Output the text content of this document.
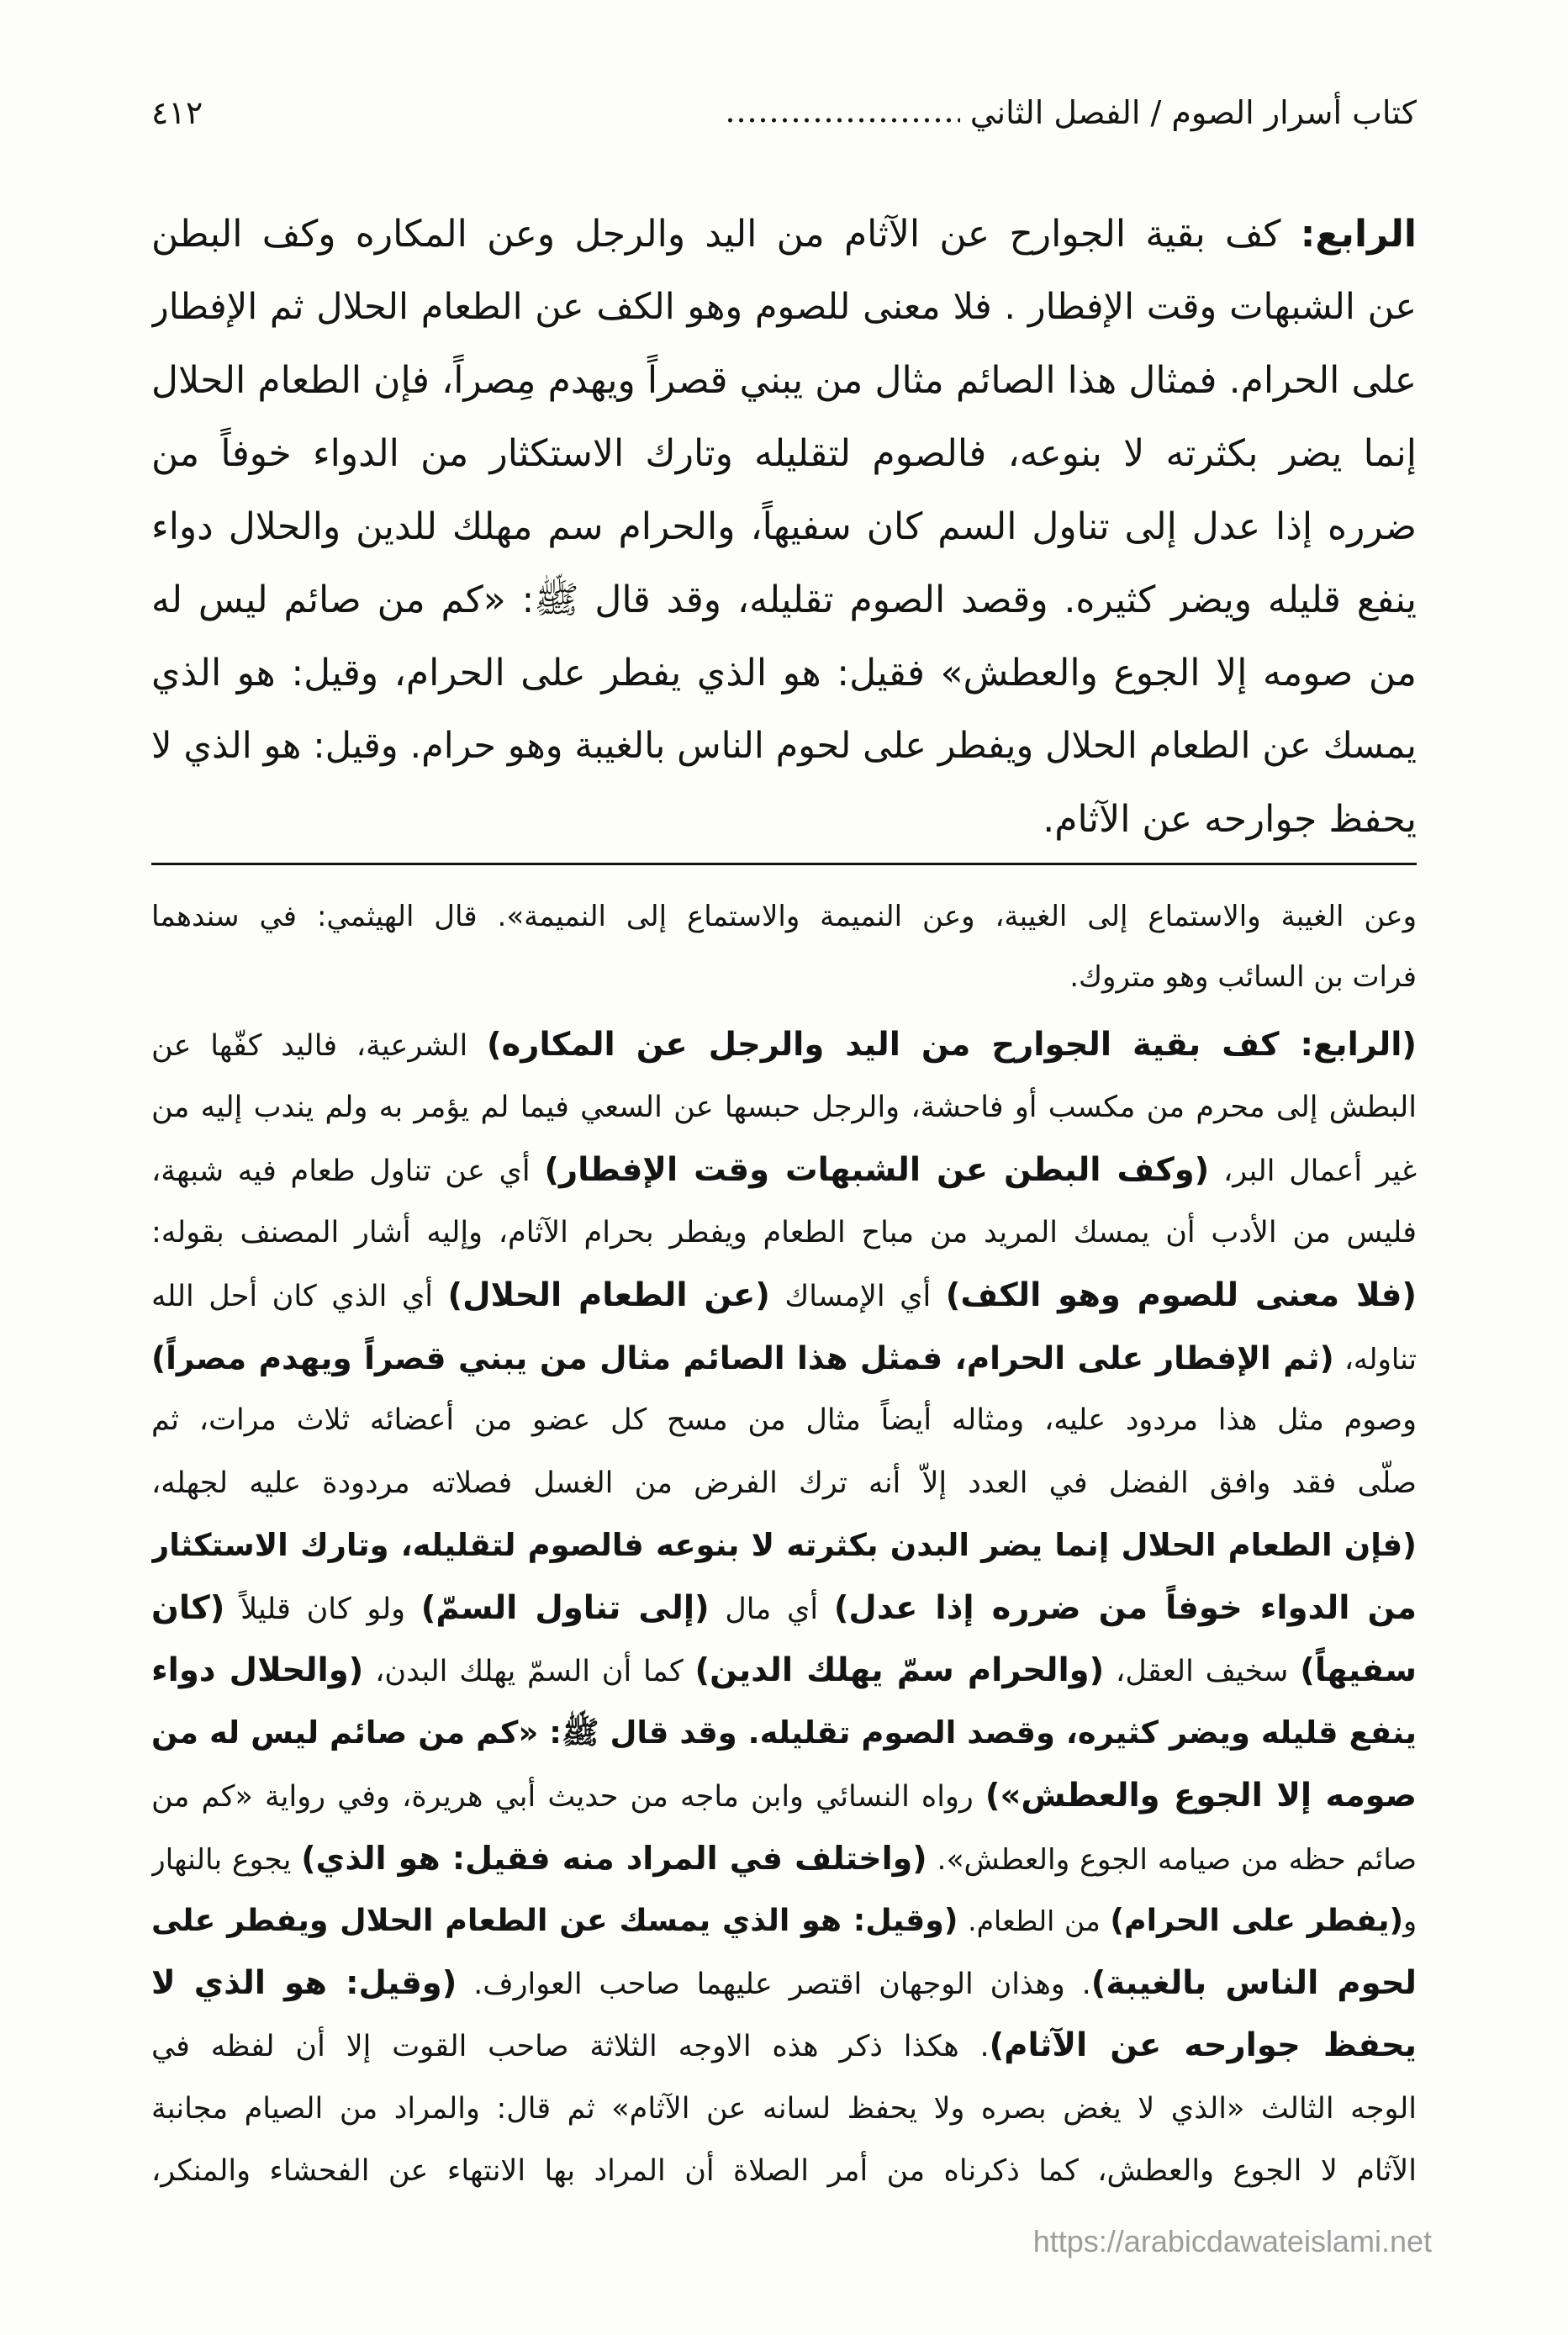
كتاب أسرار الصوم / الفصل الثاني
٤١٢
الرابع: كف بقية الجوارح عن الآثام من اليد والرجل وعن المكاره وكف البطن
عن الشبهات وقت الإفطار . فلا معنى للصوم وهو الكف عن الطعام الحلال ثم الإفطار
على الحرام. فمثال هذا الصائم مثال من يبني قصراً ويهدم مِصراً، فإن الطعام الحلال
إنما يضر بكثرته لا بنوعه، فالصوم لتقليله وتارك الاستكثار من الدواء خوفاً من
ضرره إذا عدل إلى تناول السم كان سفيهاً، والحرام سم مهلك للدين والحلال دواء
ينفع قليله ويضر كثيره. وقصد الصوم تقليله، وقد قال ﷺ: «كم من صائم ليس له
من صومه إلا الجوع والعطش» فقيل: هو الذي يفطر على الحرام، وقيل: هو الذي
يمسك عن الطعام الحلال ويفطر على لحوم الناس بالغيبة وهو حرام. وقيل: هو الذي لا
يحفظ جوارحه عن الآثام.
وعن الغيبة والاستماع إلى الغيبة، وعن النميمة والاستماع إلى النميمة». قال الهيثمي: في سندهما
فرات بن السائب وهو متروك.
(الرابع: كف بقية الجوارح من اليد والرجل عن المكاره) الشرعية، فاليد كفّها عن
البطش إلى محرم من مكسب أو فاحشة، والرجل حبسها عن السعي فيما لم يؤمر به ولم يندب إليه من
غير أعمال البر، (وكف البطن عن الشبهات وقت الإفطار) أي عن تناول طعام فيه شبهة،
فليس من الأدب أن يمسك المريد من مباح الطعام ويفطر بحرام الآثام، وإليه أشار المصنف بقوله:
(فلا معنى للصوم وهو الكف) أي الإمساك (عن الطعام الحلال) أي الذي كان أحل الله
تناوله، (ثم الإفطار على الحرام، فمثل هذا الصائم مثال من يبني قصراً ويهدم مصراً)
وصوم مثل هذا مردود عليه، ومثاله أيضاً مثال من مسح كل عضو من أعضائه ثلاث مرات، ثم
صلّى فقد وافق الفضل في العدد إلاّ أنه ترك الفرض من الغسل فصلاته مردودة عليه لجهله،
(فإن الطعام الحلال إنما يضر البدن بكثرته لا بنوعه فالصوم لتقليله، وتارك الاستكثار
من الدواء خوفاً من ضرره إذا عدل) أي مال (إلى تناول السمّ) ولو كان قليلاً (كان
سفيهاً) سخيف العقل، (والحرام سمّ يهلك الدين) كما أن السمّ يهلك البدن، (والحلال دواء
ينفع قليله ويضر كثيره، وقصد الصوم تقليله. وقد قال ﷺ: «كم من صائم ليس له من
صومه إلا الجوع والعطش») رواه النسائي وابن ماجه من حديث أبي هريرة، وفي رواية «كم من
صائم حظه من صيامه الجوع والعطش». (واختلف في المراد منه فقيل: هو الذي) يجوع بالنهار
و(يفطر على الحرام) من الطعام. (وقيل: هو الذي يمسك عن الطعام الحلال ويفطر على
لحوم الناس بالغيبة). وهذان الوجهان اقتصر عليهما صاحب العوارف. (وقيل: هو الذي لا
يحفظ جوارحه عن الآثام). هكذا ذكر هذه الاوجه الثلاثة صاحب القوت إلا أن لفظه في
الوجه الثالث «الذي لا يغض بصره ولا يحفظ لسانه عن الآثام» ثم قال: والمراد من الصيام مجانبة
الآثام لا الجوع والعطش، كما ذكرناه من أمر الصلاة أن المراد بها الانتهاء عن الفحشاء والمنكر،
https://arabicdawateislami.net
